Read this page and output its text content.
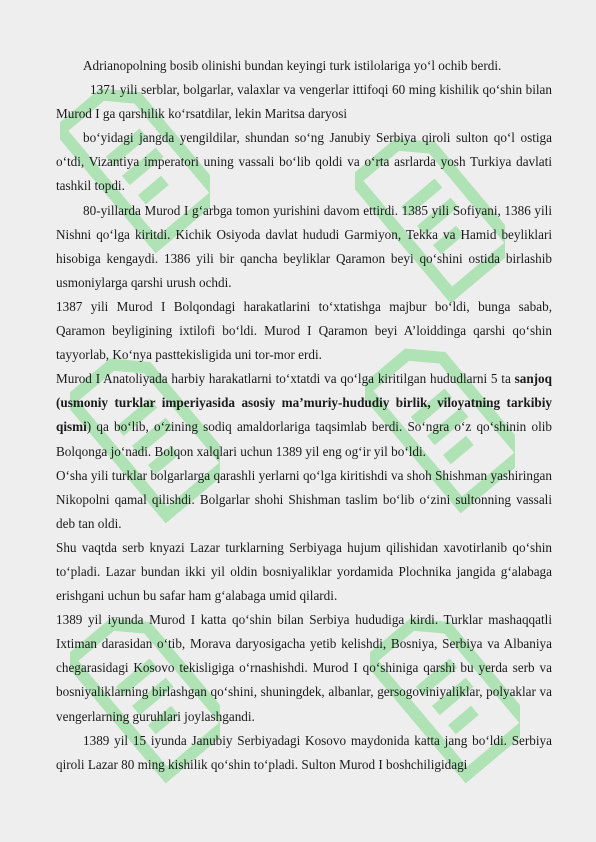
Adrianopolning bosib olinishi bundan keyingi turk istilolariga yo‘l ochib berdi.

1371 yili serblar, bolgarlar, valaxlar va vengerlar ittifoqi 60 ming kishilik qo‘shin bilan Murod I ga qarshilik ko‘rsatdilar, lekin Maritsa daryosi

bo‘yidagi jangda yengildilar, shundan so‘ng Janubiy Serbiya qiroli sulton qo‘l ostiga o‘tdi, Vizantiya imperatori uning vassali bo‘lib qoldi va o‘rta asrlarda yosh Turkiya davlati tashkil topdi.

80-yillarda Murod I g‘arbga tomon yurishini davom ettirdi. 1385 yili Sofiyani, 1386 yili Nishni qo‘lga kiritdi. Kichik Osiyoda davlat hududi Garmiyon, Tekka va Hamid beyliklari hisobiga kengaydi. 1386 yili bir qancha beyliklar Qaramon beyi qo‘shini ostida birlashib usmoniylarga qarshi urush ochdi.

1387 yili Murod I Bolqondagi harakatlarini to‘xtatishga majbur bo‘ldi, bunga sabab, Qaramon beyligining ixtilofi bo‘ldi. Murod I Qaramon beyi A’loiddinga qarshi qo‘shin tayyorlab, Ko‘nya pasttekisligida uni tor-mor erdi.

Murod I Anatoliyada harbiy harakatlarni to‘xtatdi va qo‘lga kiritilgan hududlarni 5 ta sanjoq (usmoniy turklar imperiyasida asosiy ma’muriy-hududiy birlik, viloyatning tarkibiy qismi) qa bo‘lib, o‘zining sodiq amaldorlariga taqsimlab berdi. So‘ngra o‘z qo‘shinin olib Bolqonga jo‘nadi. Bolqon xalqlari uchun 1389 yil eng og‘ir yil bo‘ldi.

O‘sha yili turklar bolgarlarga qarashli yerlarni qo‘lga kiritishdi va shoh Shishman yashiringan Nikopolni qamal qilishdi. Bolgarlar shohi Shishman taslim bo‘lib o‘zini sultonning vassali deb tan oldi.

Shu vaqtda serb knyazi Lazar turklarning Serbiyaga hujum qilishidan xavotirlanib qo‘shin to‘pladi. Lazar bundan ikki yil oldin bosniyaliklar yordamida Plochnika jangida g‘alabaga erishgani uchun bu safar ham g‘alabaga umid qilardi.

1389 yil iyunda Murod I katta qo‘shin bilan Serbiya hududiga kirdi. Turklar mashaqqatli Ixtiman darasidan o‘tib, Morava daryosigacha yetib kelishdi, Bosniya, Serbiya va Albaniya chegarasidagi Kosovo tekisligiga o‘rnashishdi. Murod I qo‘shiniga qarshi bu yerda serb va bosniyaliklarning birlashgan qo‘shini, shuningdek, albanlar, gersogoviniyaliklar, polyaklar va vengerlarning guruhlari joylashgandi.

1389 yil 15 iyunda Janubiy Serbiyadagi Kosovo maydonida katta jang bo‘ldi. Serbiya qiroli Lazar 80 ming kishilik qo‘shin to‘pladi. Sulton Murod I boshchiligidagi
